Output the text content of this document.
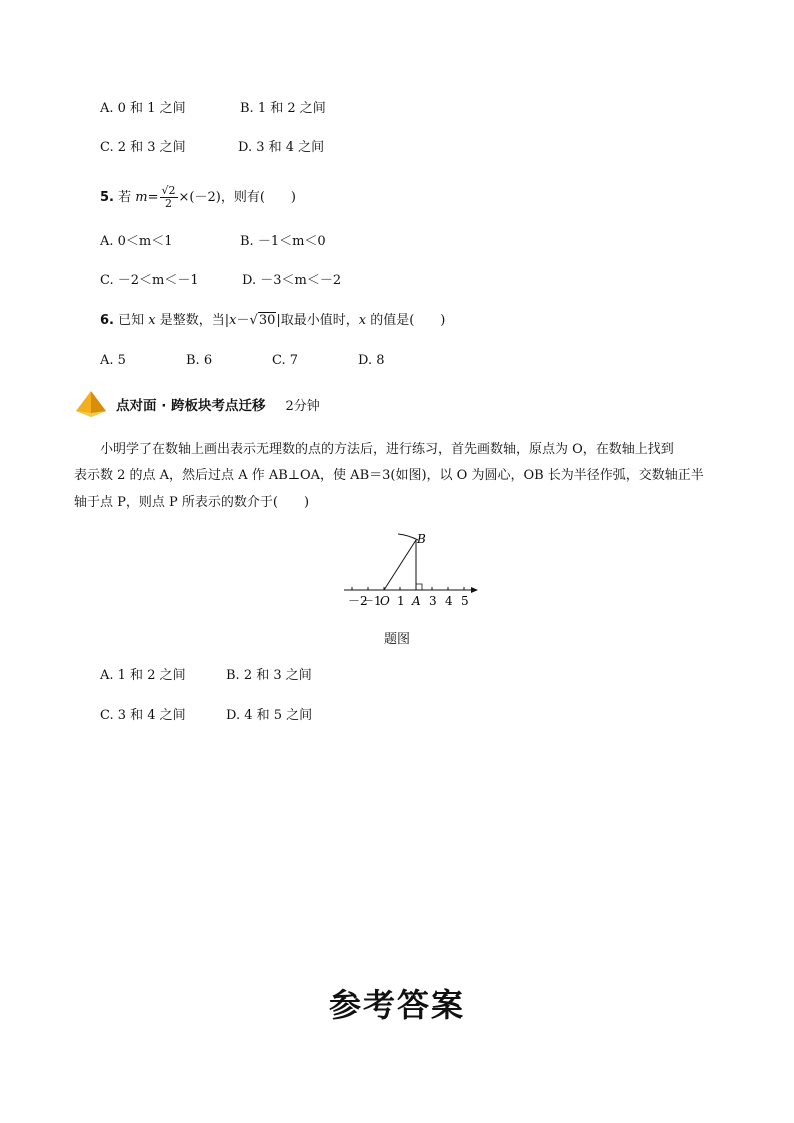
A. 0 和 1 之间	B. 1 和 2 之间
C. 2 和 3 之间	D. 3 和 4 之间
5. 若 $m= \frac{√2}{2} \times(-2)$，则有(　　)
A. 0＜m＜1	B. －1＜m＜0
C. －2＜m＜－1	D. －3＜m＜－2
6. 已知 x 是整数，当|x－√30|取最小值时，x 的值是(　　)
A. 5	B. 6	C. 7	D. 8
点对面 · 跨板块考点迁移 2分钟
小明学了在数轴上画出表示无理数的点的方法后，进行练习，首先画数轴，原点为 O，在数轴上找到
表示数 2 的点 A，然后过点 A 作 AB⊥OA，使 AB＝3(如图)，以 O 为圆心，OB 长为半径作弧，交数轴正半
轴于点 P，则点 P 所表示的数介于(　　)
－2
－1
O 1 A 3 4 5
B
题图
A. 1 和 2 之间	B. 2 和 3 之间
C. 3 和 4 之间	D. 4 和 5 之间
参考答案
